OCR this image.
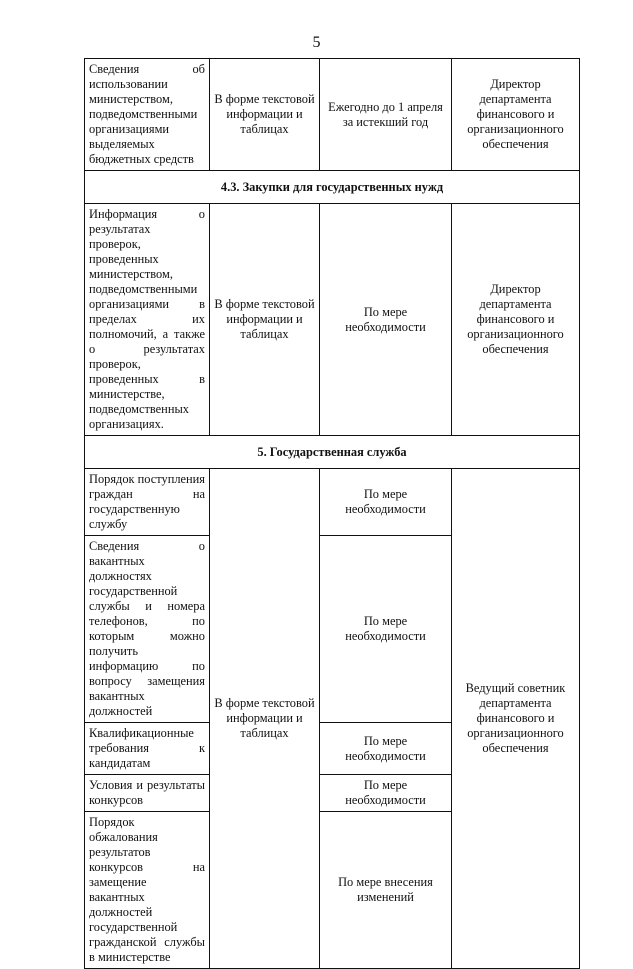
5
Сведения об использовании министерством, подведомственными организациями выделяемых бюджетных средств	В форме текстовой информации и таблицах	Ежегодно до 1 апреля за истекший год	Директор департамента финансового и организационного обеспечения
4.3. Закупки для государственных нужд			
Информация о результатах проверок, проведенных министерством, подведомственными организациями в пределах их полномочий, а также о результатах проверок, проведенных в министерстве, подведомственных организациях.	В форме текстовой информации и таблицах	По мере необходимости	Директор департамента финансового и организационного обеспечения
5. Государственная служба			
Порядок поступления граждан на государственную службу	В форме текстовой информации и таблицах	По мере необходимости	Ведущий советник департамента финансового и организационного обеспечения
Сведения о вакантных должностях государственной службы и номера телефонов, по которым можно получить информацию по вопросу замещения вакантных должностей		По мере необходимости	
Квалификационные требования к кандидатам		По мере необходимости	
Условия и результаты конкурсов		По мере необходимости	
Порядок обжалования результатов конкурсов на замещение вакантных должностей государственной гражданской службы в министерстве		По мере внесения изменений	
